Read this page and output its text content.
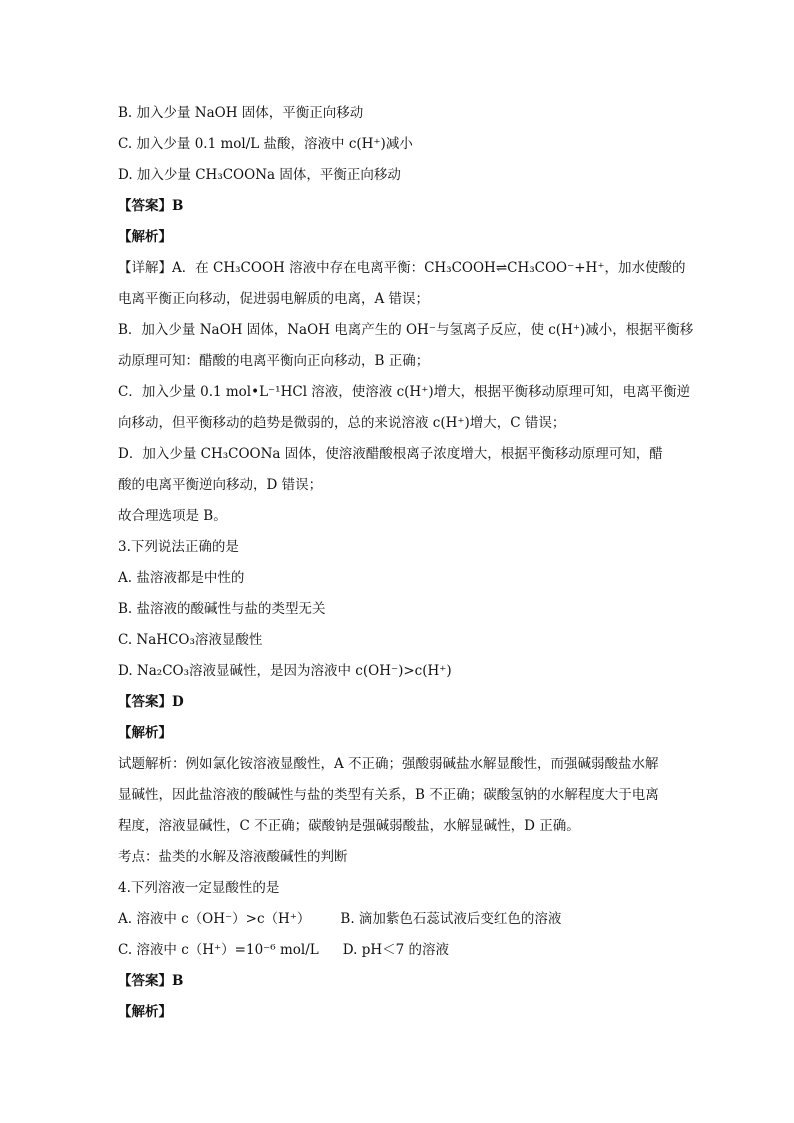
B. 加入少量 NaOH 固体，平衡正向移动

C. 加入少量 0.1 mol/L 盐酸，溶液中 c(H⁺)减小

D. 加入少量 CH₃COONa 固体，平衡正向移动

【答案】B

【解析】

【详解】A．在 CH₃COOH 溶液中存在电离平衡：CH₃COOH⇌CH₃COO⁻+H⁺，加水使酸的

电离平衡正向移动，促进弱电解质的电离，A 错误；

B．加入少量 NaOH 固体，NaOH 电离产生的 OH⁻与氢离子反应，使 c(H⁺)减小，根据平衡移

动原理可知：醋酸的电离平衡向正向移动，B 正确；

C．加入少量 0.1 mol•L⁻¹HCl 溶液，使溶液 c(H⁺)增大，根据平衡移动原理可知，电离平衡逆

向移动，但平衡移动的趋势是微弱的，总的来说溶液 c(H⁺)增大，C 错误；

D．加入少量 CH₃COONa 固体，使溶液醋酸根离子浓度增大，根据平衡移动原理可知，醋

酸的电离平衡逆向移动，D 错误；

故合理选项是 B。

3.下列说法正确的是

A. 盐溶液都是中性的

B. 盐溶液的酸碱性与盐的类型无关

C. NaHCO₃溶液显酸性

D. Na₂CO₃溶液显碱性，是因为溶液中 c(OH⁻)>c(H⁺)

【答案】D

【解析】

试题解析：例如氯化铵溶液显酸性，A 不正确；强酸弱碱盐水解显酸性，而强碱弱酸盐水解

显碱性，因此盐溶液的酸碱性与盐的类型有关系，B 不正确；碳酸氢钠的水解程度大于电离

程度，溶液显碱性，C 不正确；碳酸钠是强碱弱酸盐，水解显碱性，D 正确。

考点：盐类的水解及溶液酸碱性的判断

4.下列溶液一定显酸性的是

A. 溶液中 c（OH⁻）>c（H⁺） B. 滴加紫色石蕊试液后变红色的溶液

C. 溶液中 c（H⁺）=10⁻⁶ mol/L D. pH＜7 的溶液

【答案】B

【解析】
